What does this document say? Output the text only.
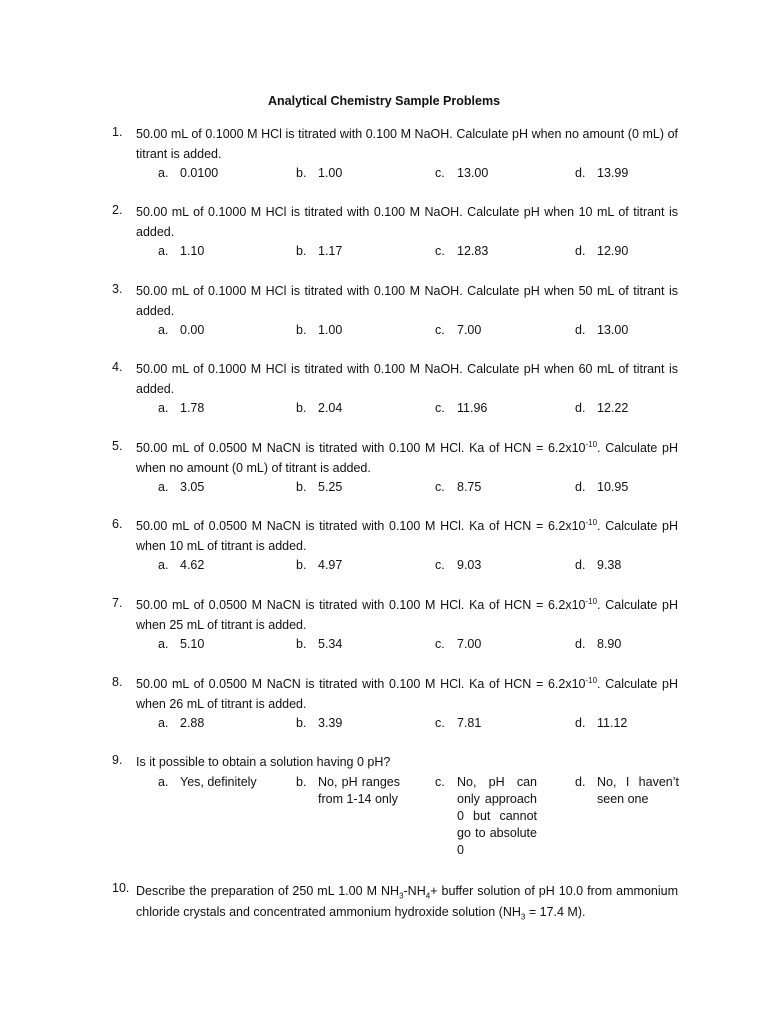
Analytical Chemistry Sample Problems
1.	50.00 mL of 0.1000 M HCl is titrated with 0.100 M NaOH. Calculate pH when no amount (0 mL) of titrant is added.
a. 0.0100	b. 1.00	c. 13.00	d. 13.99
2.	50.00 mL of 0.1000 M HCl is titrated with 0.100 M NaOH. Calculate pH when 10 mL of titrant is added.
a. 1.10	b. 1.17	c. 12.83	d. 12.90
3.	50.00 mL of 0.1000 M HCl is titrated with 0.100 M NaOH. Calculate pH when 50 mL of titrant is added.
a. 0.00	b. 1.00	c. 7.00	d. 13.00
4.	50.00 mL of 0.1000 M HCl is titrated with 0.100 M NaOH. Calculate pH when 60 mL of titrant is added.
a. 1.78	b. 2.04	c. 11.96	d. 12.22
5.	50.00 mL of 0.0500 M NaCN is titrated with 0.100 M HCl. Ka of HCN = $6.2x10^{-10}$. Calculate pH when no amount (0 mL) of titrant is added.
a. 3.05	b. 5.25	c. 8.75	d. 10.95
6.	50.00 mL of 0.0500 M NaCN is titrated with 0.100 M HCl. Ka of HCN = $6.2x10^{-10}$. Calculate pH when 10 mL of titrant is added.
a. 4.62	b. 4.97	c. 9.03	d. 9.38
7.	50.00 mL of 0.0500 M NaCN is titrated with 0.100 M HCl. Ka of HCN = $6.2x10^{-10}$. Calculate pH when 25 mL of titrant is added.
a. 5.10	b. 5.34	c. 7.00	d. 8.90
8.	50.00 mL of 0.0500 M NaCN is titrated with 0.100 M HCl. Ka of HCN = $6.2x10^{-10}$. Calculate pH when 26 mL of titrant is added.
a. 2.88	b. 3.39	c. 7.81	d. 11.12
9.	Is it possible to obtain a solution having 0 pH?
a. Yes, definitely	b. No, pH ranges from 1-14 only
c. No, pH can only approach 0 but cannot go to absolute 0
d. No, I haven’t seen one
10. Describe the preparation of 250 mL 1.00 M $NH_3-NH_4+$ buffer solution of pH 10.0 from ammonium chloride crystals and concentrated ammonium hydroxide solution ($NH_3 = 17.4$ M).
